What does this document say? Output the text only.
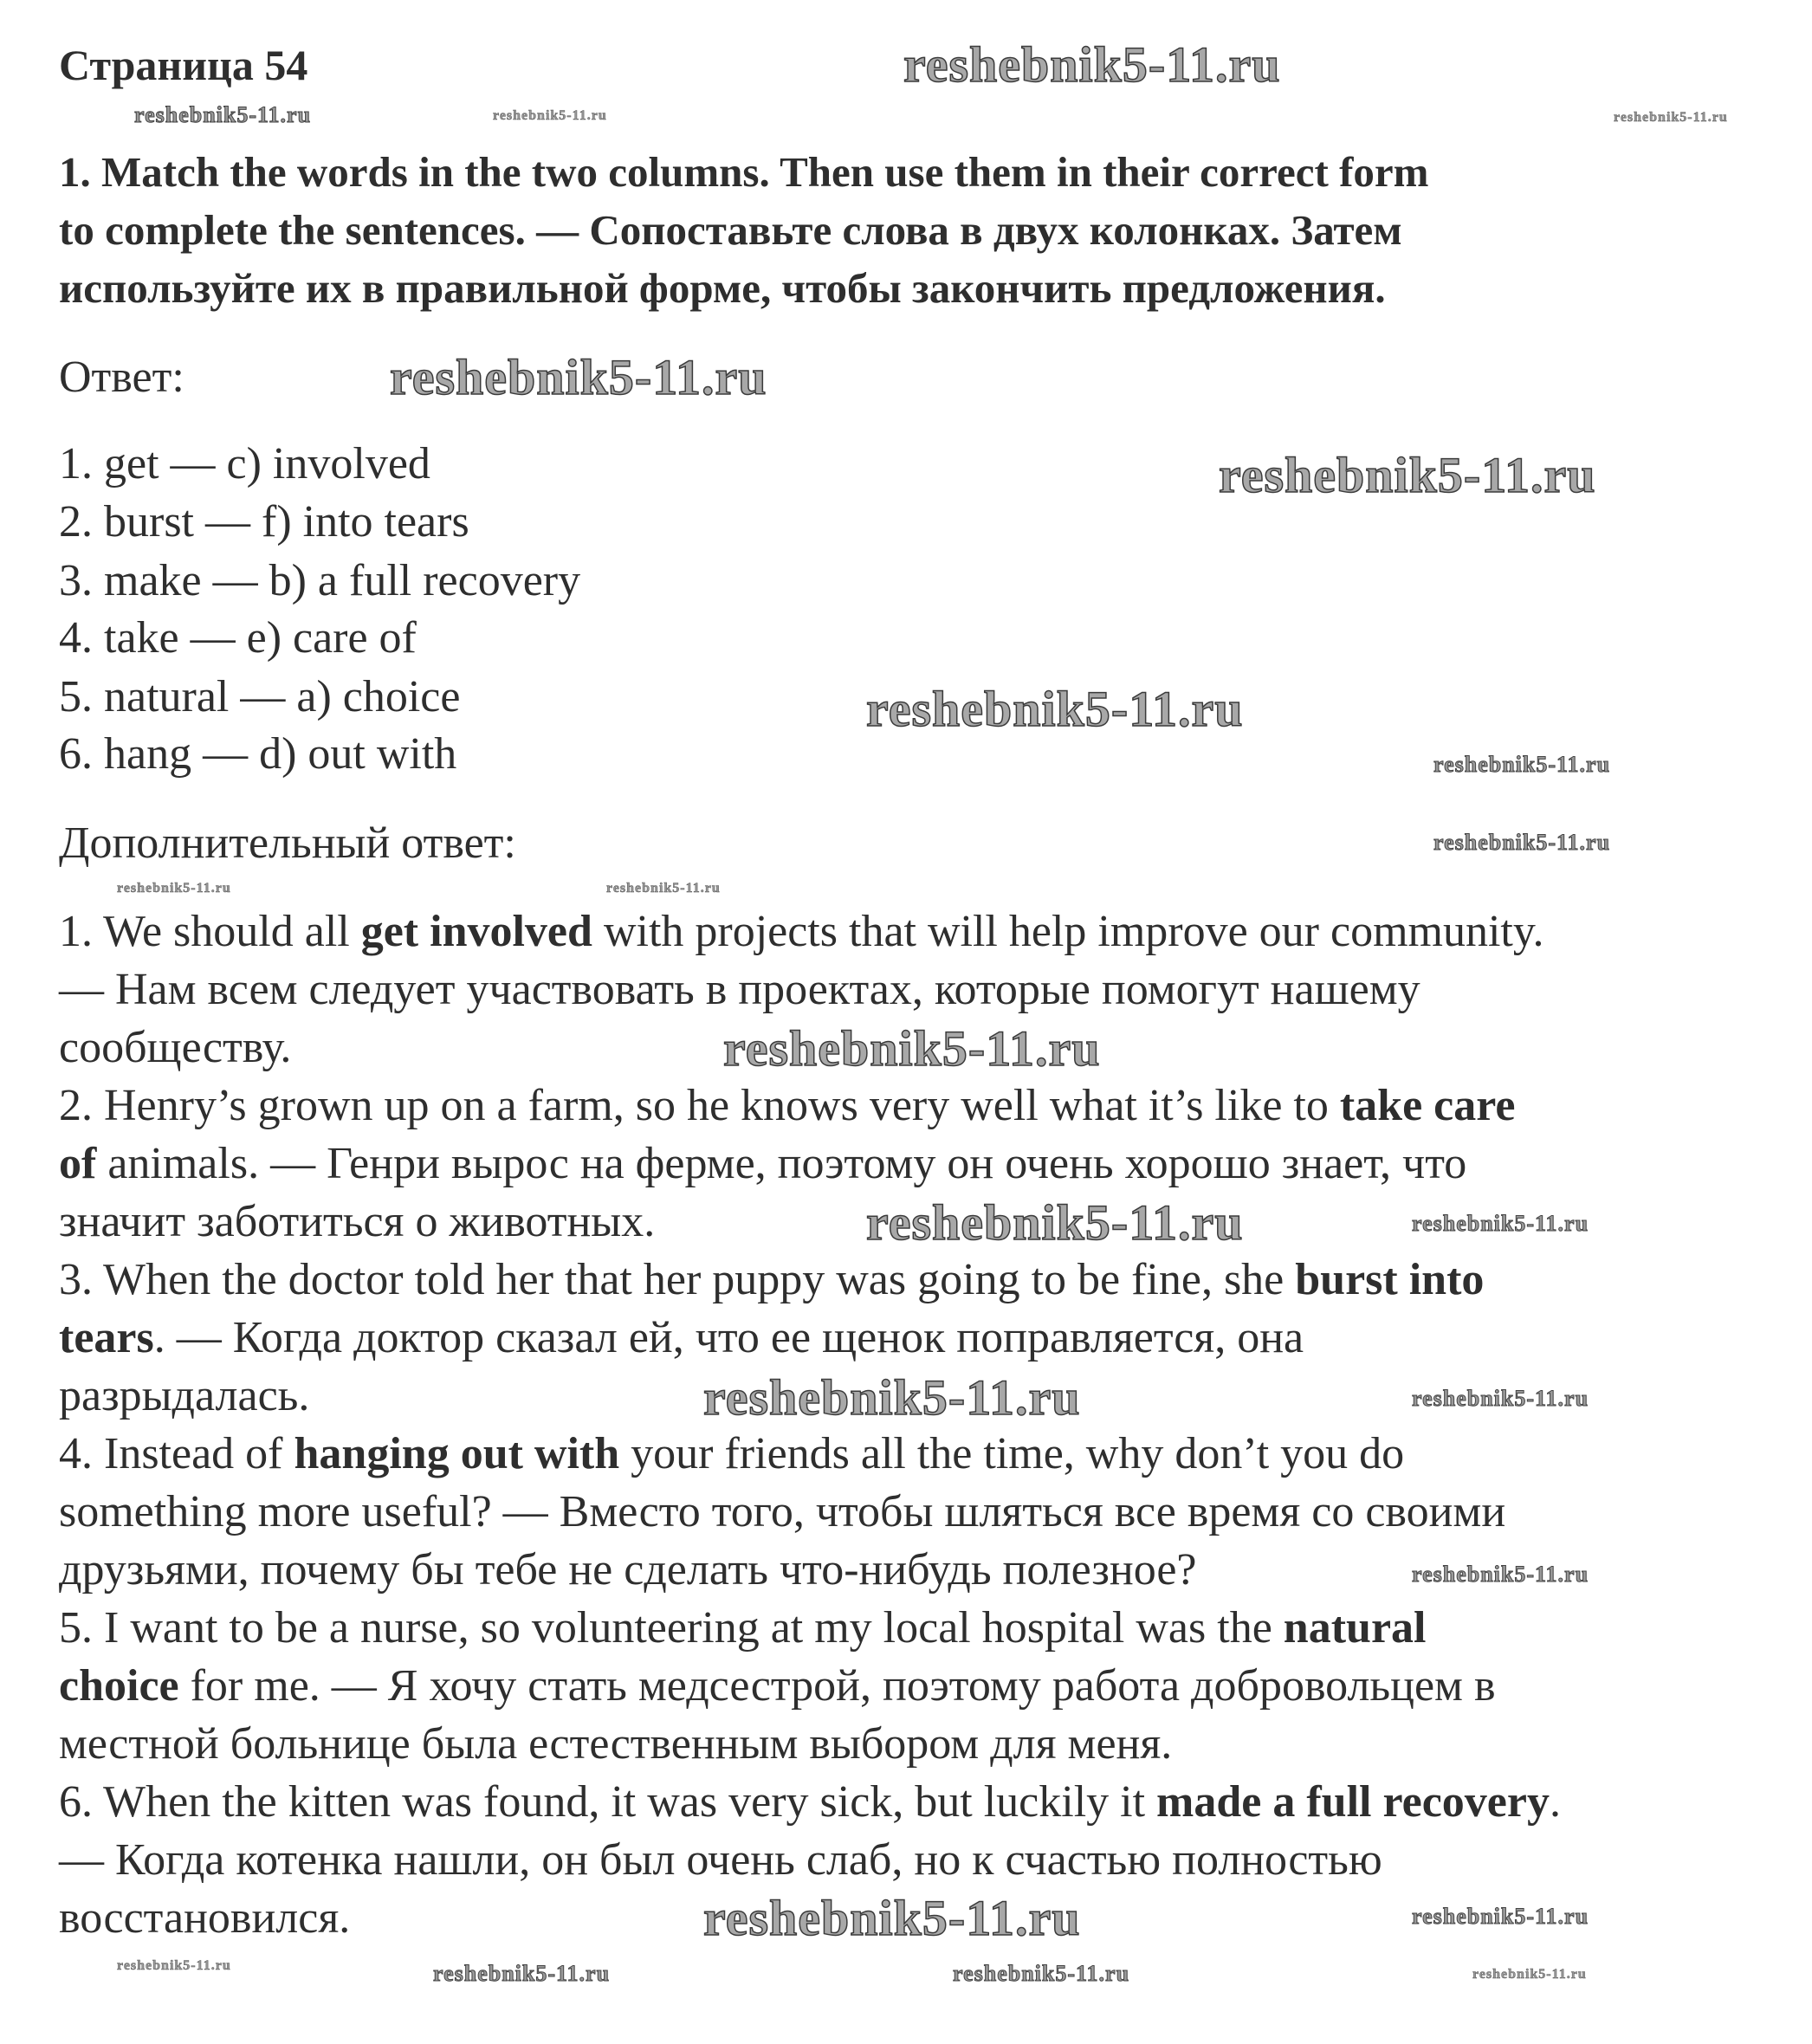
Страница 54
1. Match the words in the two columns. Then use them in their correct form
to complete the sentences. — Сопоставьте слова в двух колонках. Затем
используйте их в правильной форме, чтобы закончить предложения.
Ответ:
1. get — c) involved
2. burst — f) into tears
3. make — b) a full recovery
4. take — e) care of
5. natural — a) choice
6. hang — d) out with
Дополнительный ответ:
1. We should all get involved with projects that will help improve our community.
— Нам всем следует участвовать в проектах, которые помогут нашему
сообществу.
2. Henry’s grown up on a farm, so he knows very well what it’s like to take care
of animals. — Генри вырос на ферме, поэтому он очень хорошо знает, что
значит заботиться о животных.
3. When the doctor told her that her puppy was going to be fine, she burst into
tears. — Когда доктор сказал ей, что ее щенок поправляется, она
разрыдалась.
4. Instead of hanging out with your friends all the time, why don’t you do
something more useful? — Вместо того, чтобы шляться все время со своими
друзьями, почему бы тебе не сделать что-нибудь полезное?
5. I want to be a nurse, so volunteering at my local hospital was the natural
choice for me. — Я хочу стать медсестрой, поэтому работа добровольцем в
местной больнице была естественным выбором для меня.
6. When the kitten was found, it was very sick, but luckily it made a full recovery.
— Когда котенка нашли, он был очень слаб, но к счастью полностью
восстановился.
reshebnik5-11.ru	reshebnik5-11.ru
reshebnik5-11.ru
reshebnik5-11.ru
reshebnik5-11.ru
reshebnik5-11.ru
reshebnik5-11.ru
reshebnik5-11.ru
reshebnik5-11.ru	reshebnik5-11.ru
reshebnik5-11.ru
reshebnik5-11.ru
reshebnik5-11.ru	reshebnik5-11.ru
reshebnik5-11.ru	reshebnik5-11.ru
reshebnik5-11.ru
reshebnik5-11.ru	reshebnik5-11.ru
reshebnik5-11.ru	reshebnik5-11.ru	reshebnik5-11.ru	reshebnik5-11.ru
